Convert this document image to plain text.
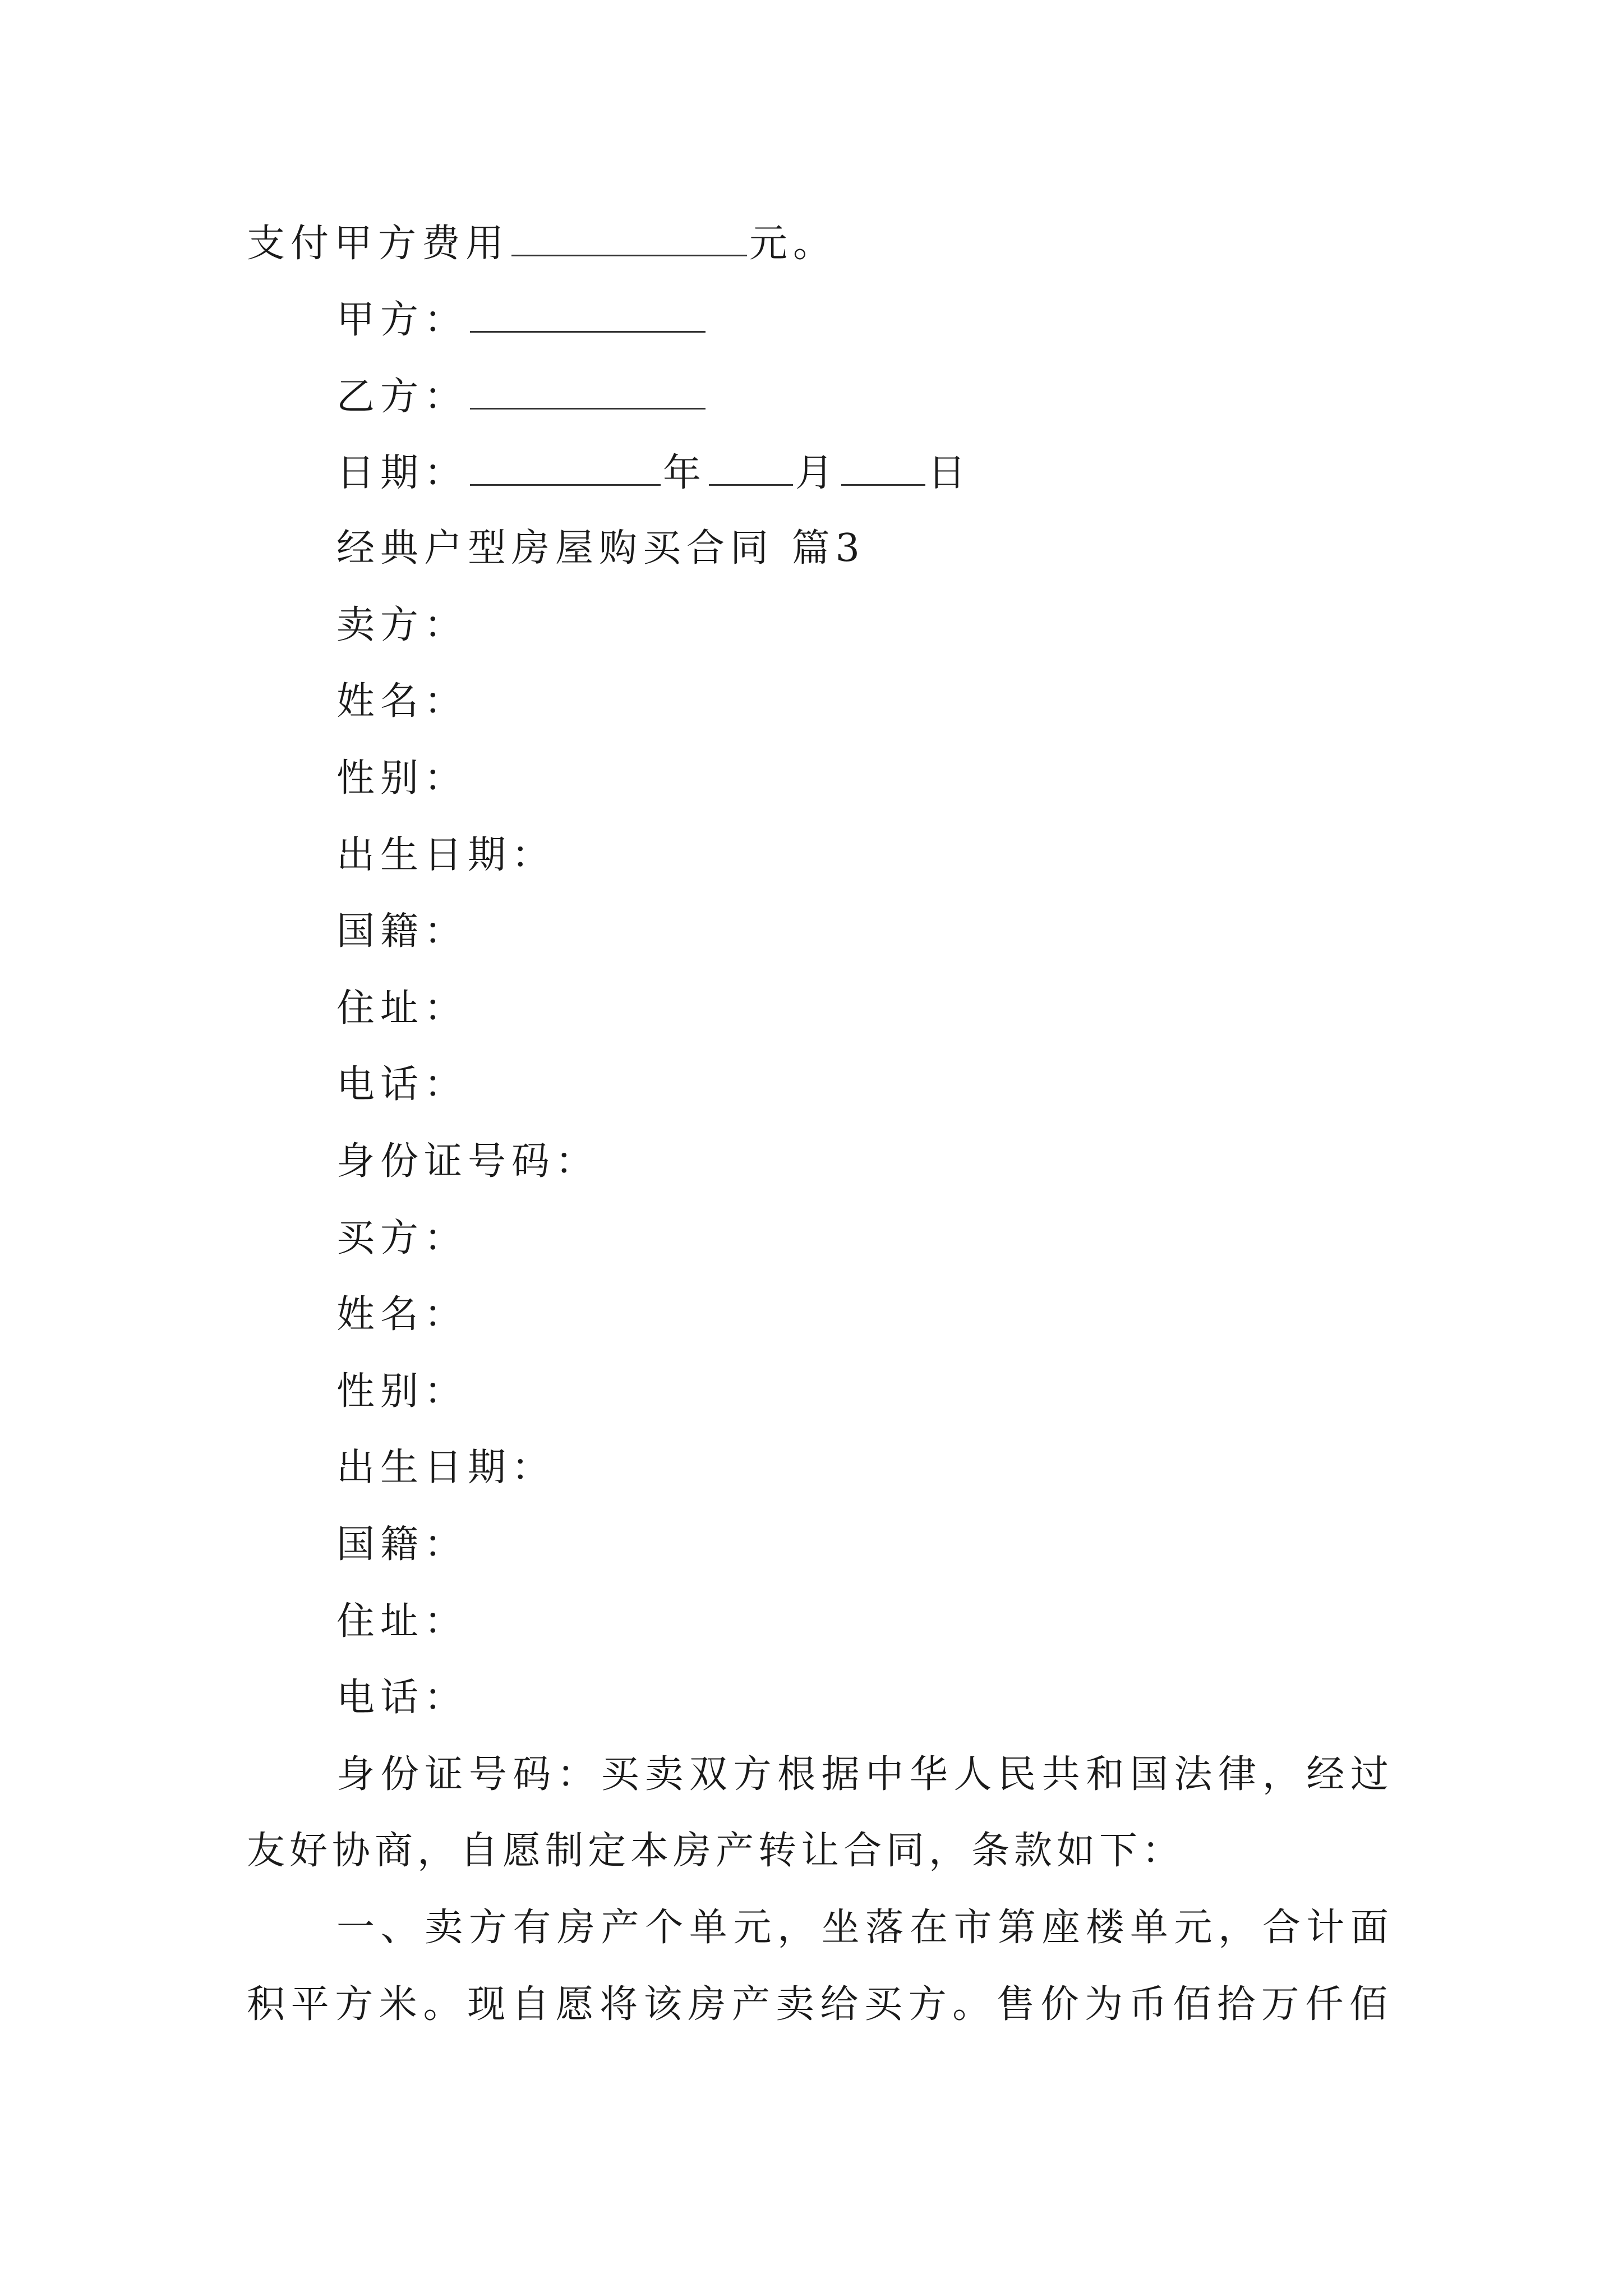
支付甲方费用	元。
甲方：
乙方：
日期：	年 月 日
经典户型房屋购买合同 篇3
卖方：
姓名：
性别：
出生日期：
国籍：
住址：
电话：
身份证号码：
买方：
姓名：
性别：
出生日期：
国籍：
住址：
电话：
身份证号码：买卖双方根据中华人民共和国法律，经过
友好协商，自愿制定本房产转让合同，条款如下：
一、卖方有房产个单元，坐落在市第座楼单元，合计面
积平方米。现自愿将该房产卖给买方。售价为币佰拾万仟佰
